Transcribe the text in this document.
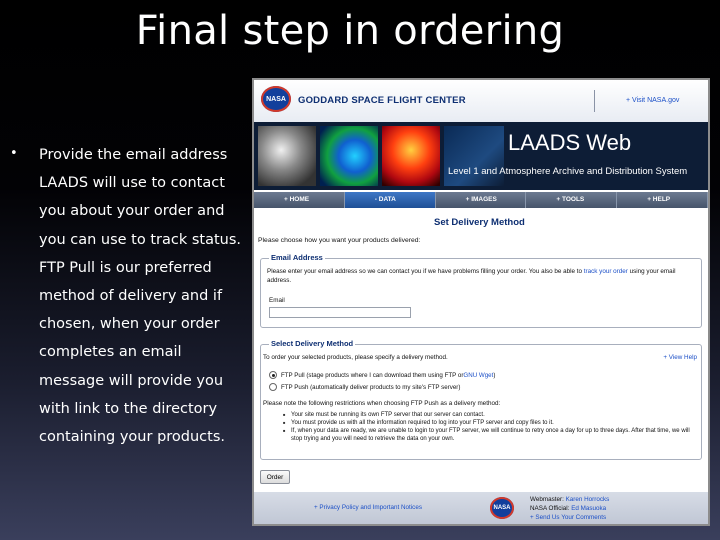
Final step in ordering
• Provide the email address
LAADS will use to contact
you about your order and
you can use to track status.
FTP Pull is our preferred
method of delivery and if
chosen, when your order
completes an email
message will provide you
with link to the directory
containing your products.
NASA	GODDARD SPACE FLIGHT CENTER	+ Visit NASA.gov
LAADS Web
Level 1 and Atmosphere Archive and Distribution System
+ HOME	- DATA	+ IMAGES	+ TOOLS	+ HELP
Set Delivery Method
Please choose how you want your products delivered:
Email Address
Please enter your email address so we can contact you if we have problems filling your order. You also be able to track your order using your email address.
Email
Select Delivery Method
To order your selected products, please specify a delivery method.	+ View Help
FTP Pull (stage products where I can download them using FTP or GNU Wget )
FTP Push (automatically deliver products to my site's FTP server)
Please note the following restrictions when choosing FTP Push as a delivery method:
■ Your site must be running its own FTP server that our server can contact.
■ You must provide us with all the information required to log into your FTP server and copy files to it.
■ If, when your data are ready, we are unable to login to your FTP server, we will continue to retry once a day for up to three days. After that time, we will stop trying and you will need to retrieve the data on your own.
Order
+ Privacy Policy and Important Notices	NASA
Webmaster: Karen Horrocks
NASA Official: Ed Masuoka
+ Send Us Your Comments
